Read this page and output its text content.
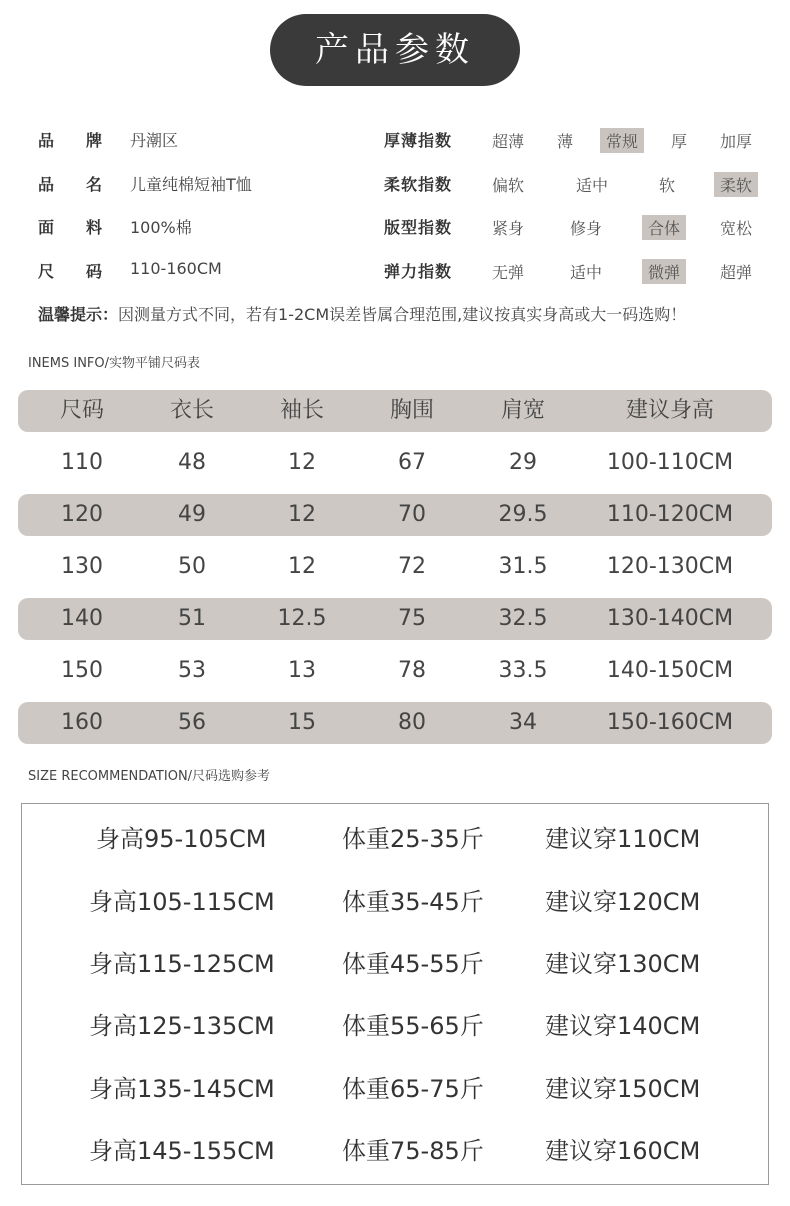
产品参数
品 牌 丹潮区
品 名 儿童纯棉短袖T恤
面 料 100%棉
尺 码 110-160CM
厚薄指数	超薄	薄	常规	厚	加厚
柔软指数	偏软	适中	软	柔软
版型指数	紧身	修身	合体	宽松
弹力指数	无弹	适中	微弹	超弹
温馨提示：因测量方式不同，若有1-2CM误差皆属合理范围,建议按真实身高或大一码选购！
INEMS INFO/实物平铺尺码表
尺码	衣长	袖长	胸围	肩宽	建议身高
110	48	12	67	29	100-110CM
120	49	12	70	29.5	110-120CM
130	50	12	72	31.5	120-130CM
140	51	12.5	75	32.5	130-140CM
150	53	13	78	33.5	140-150CM
160	56	15	80	34	150-160CM
SIZE RECOMMENDATION/尺码选购参考
身高95-105CM	体重25-35斤	建议穿110CM
身高105-115CM	体重35-45斤	建议穿120CM
身高115-125CM	体重45-55斤	建议穿130CM
身高125-135CM	体重55-65斤	建议穿140CM
身高135-145CM	体重65-75斤	建议穿150CM
身高145-155CM	体重75-85斤	建议穿160CM
